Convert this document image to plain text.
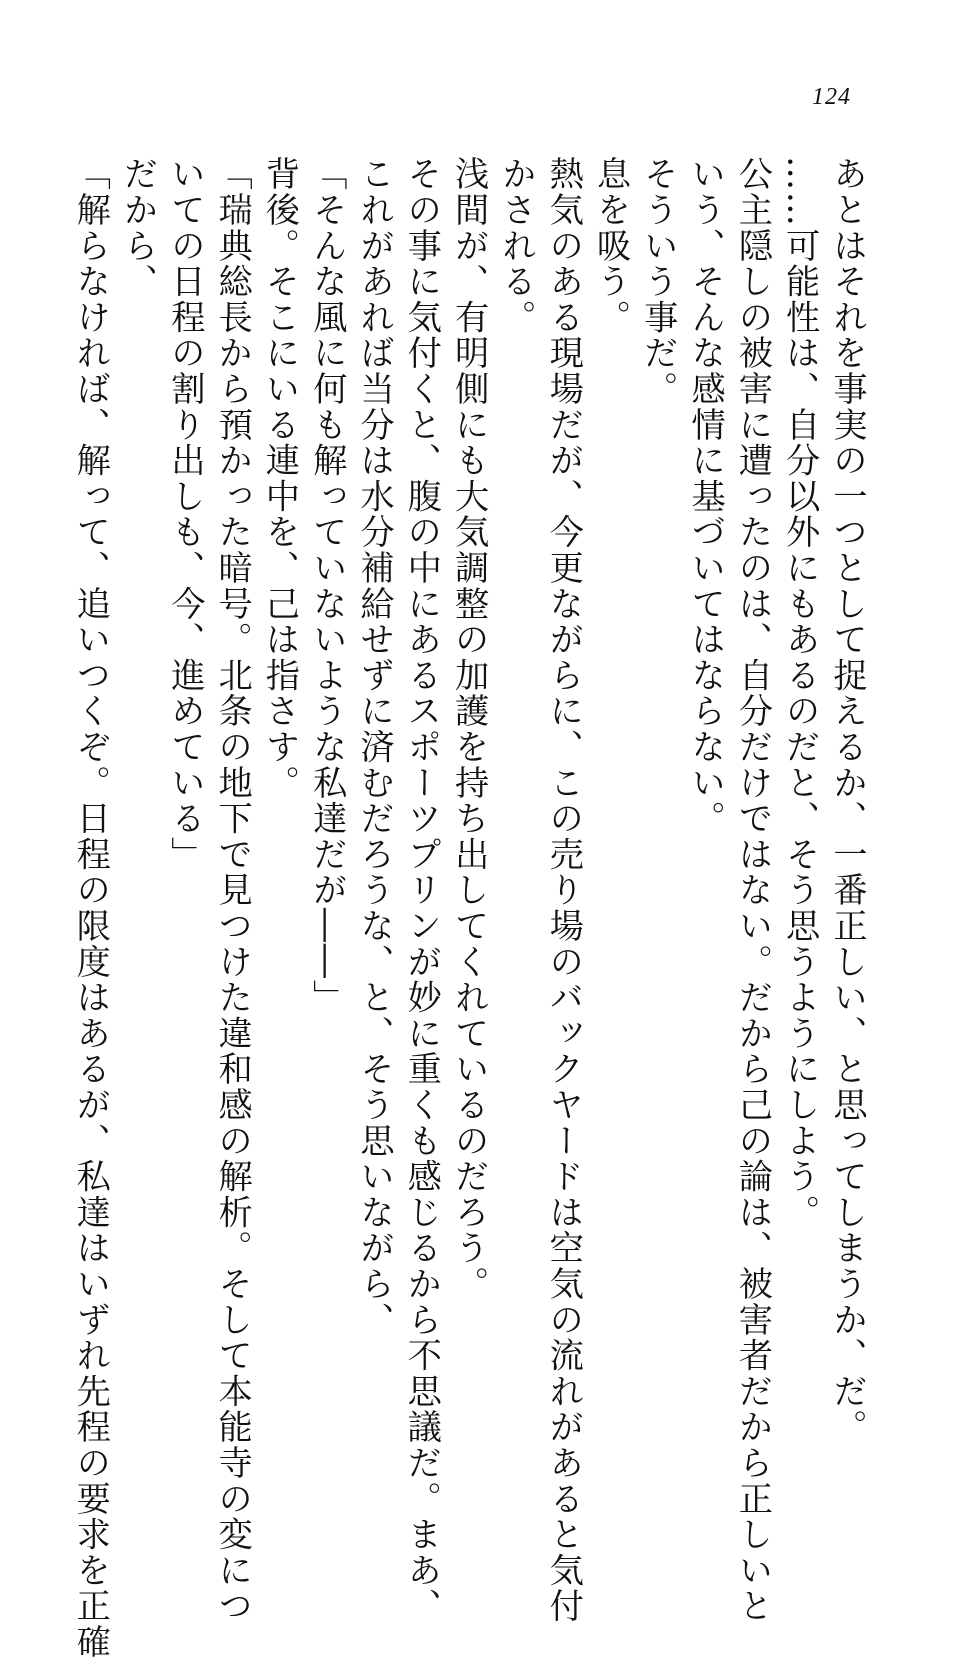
124
あとはそれを事実の一つとして捉えるか、一番正しい、と思ってしまうか、だ。
……可能性は、自分以外にもあるのだと、そう思うようにしよう。
公主隠しの被害に遭ったのは、自分だけではない。だから己の論は、被害者だから正しいと
いう、そんな感情に基づいてはならない。
そういう事だ。
息を吸う。
熱気のある現場だが、今更ながらに、この売り場のバックヤードは空気の流れがあると気付
かされる。
浅間が、有明側にも大気調整の加護を持ち出してくれているのだろう。
その事に気付くと、腹の中にあるスポーツプリンが妙に重くも感じるから不思議だ。まあ、
これがあれば当分は水分補給せずに済むだろうな、と、そう思いながら、
「そんな風に何も解っていないような私達だが――」
背後。そこにいる連中を、己は指さす。
「瑞典総長から預かった暗号。北条の地下で見つけた違和感の解析。そして本能寺の変につ
いての日程の割り出しも、今、進めている」
だから、
「解らなければ、解って、追いつくぞ。日程の限度はあるが、私達はいずれ先程の要求を正確
